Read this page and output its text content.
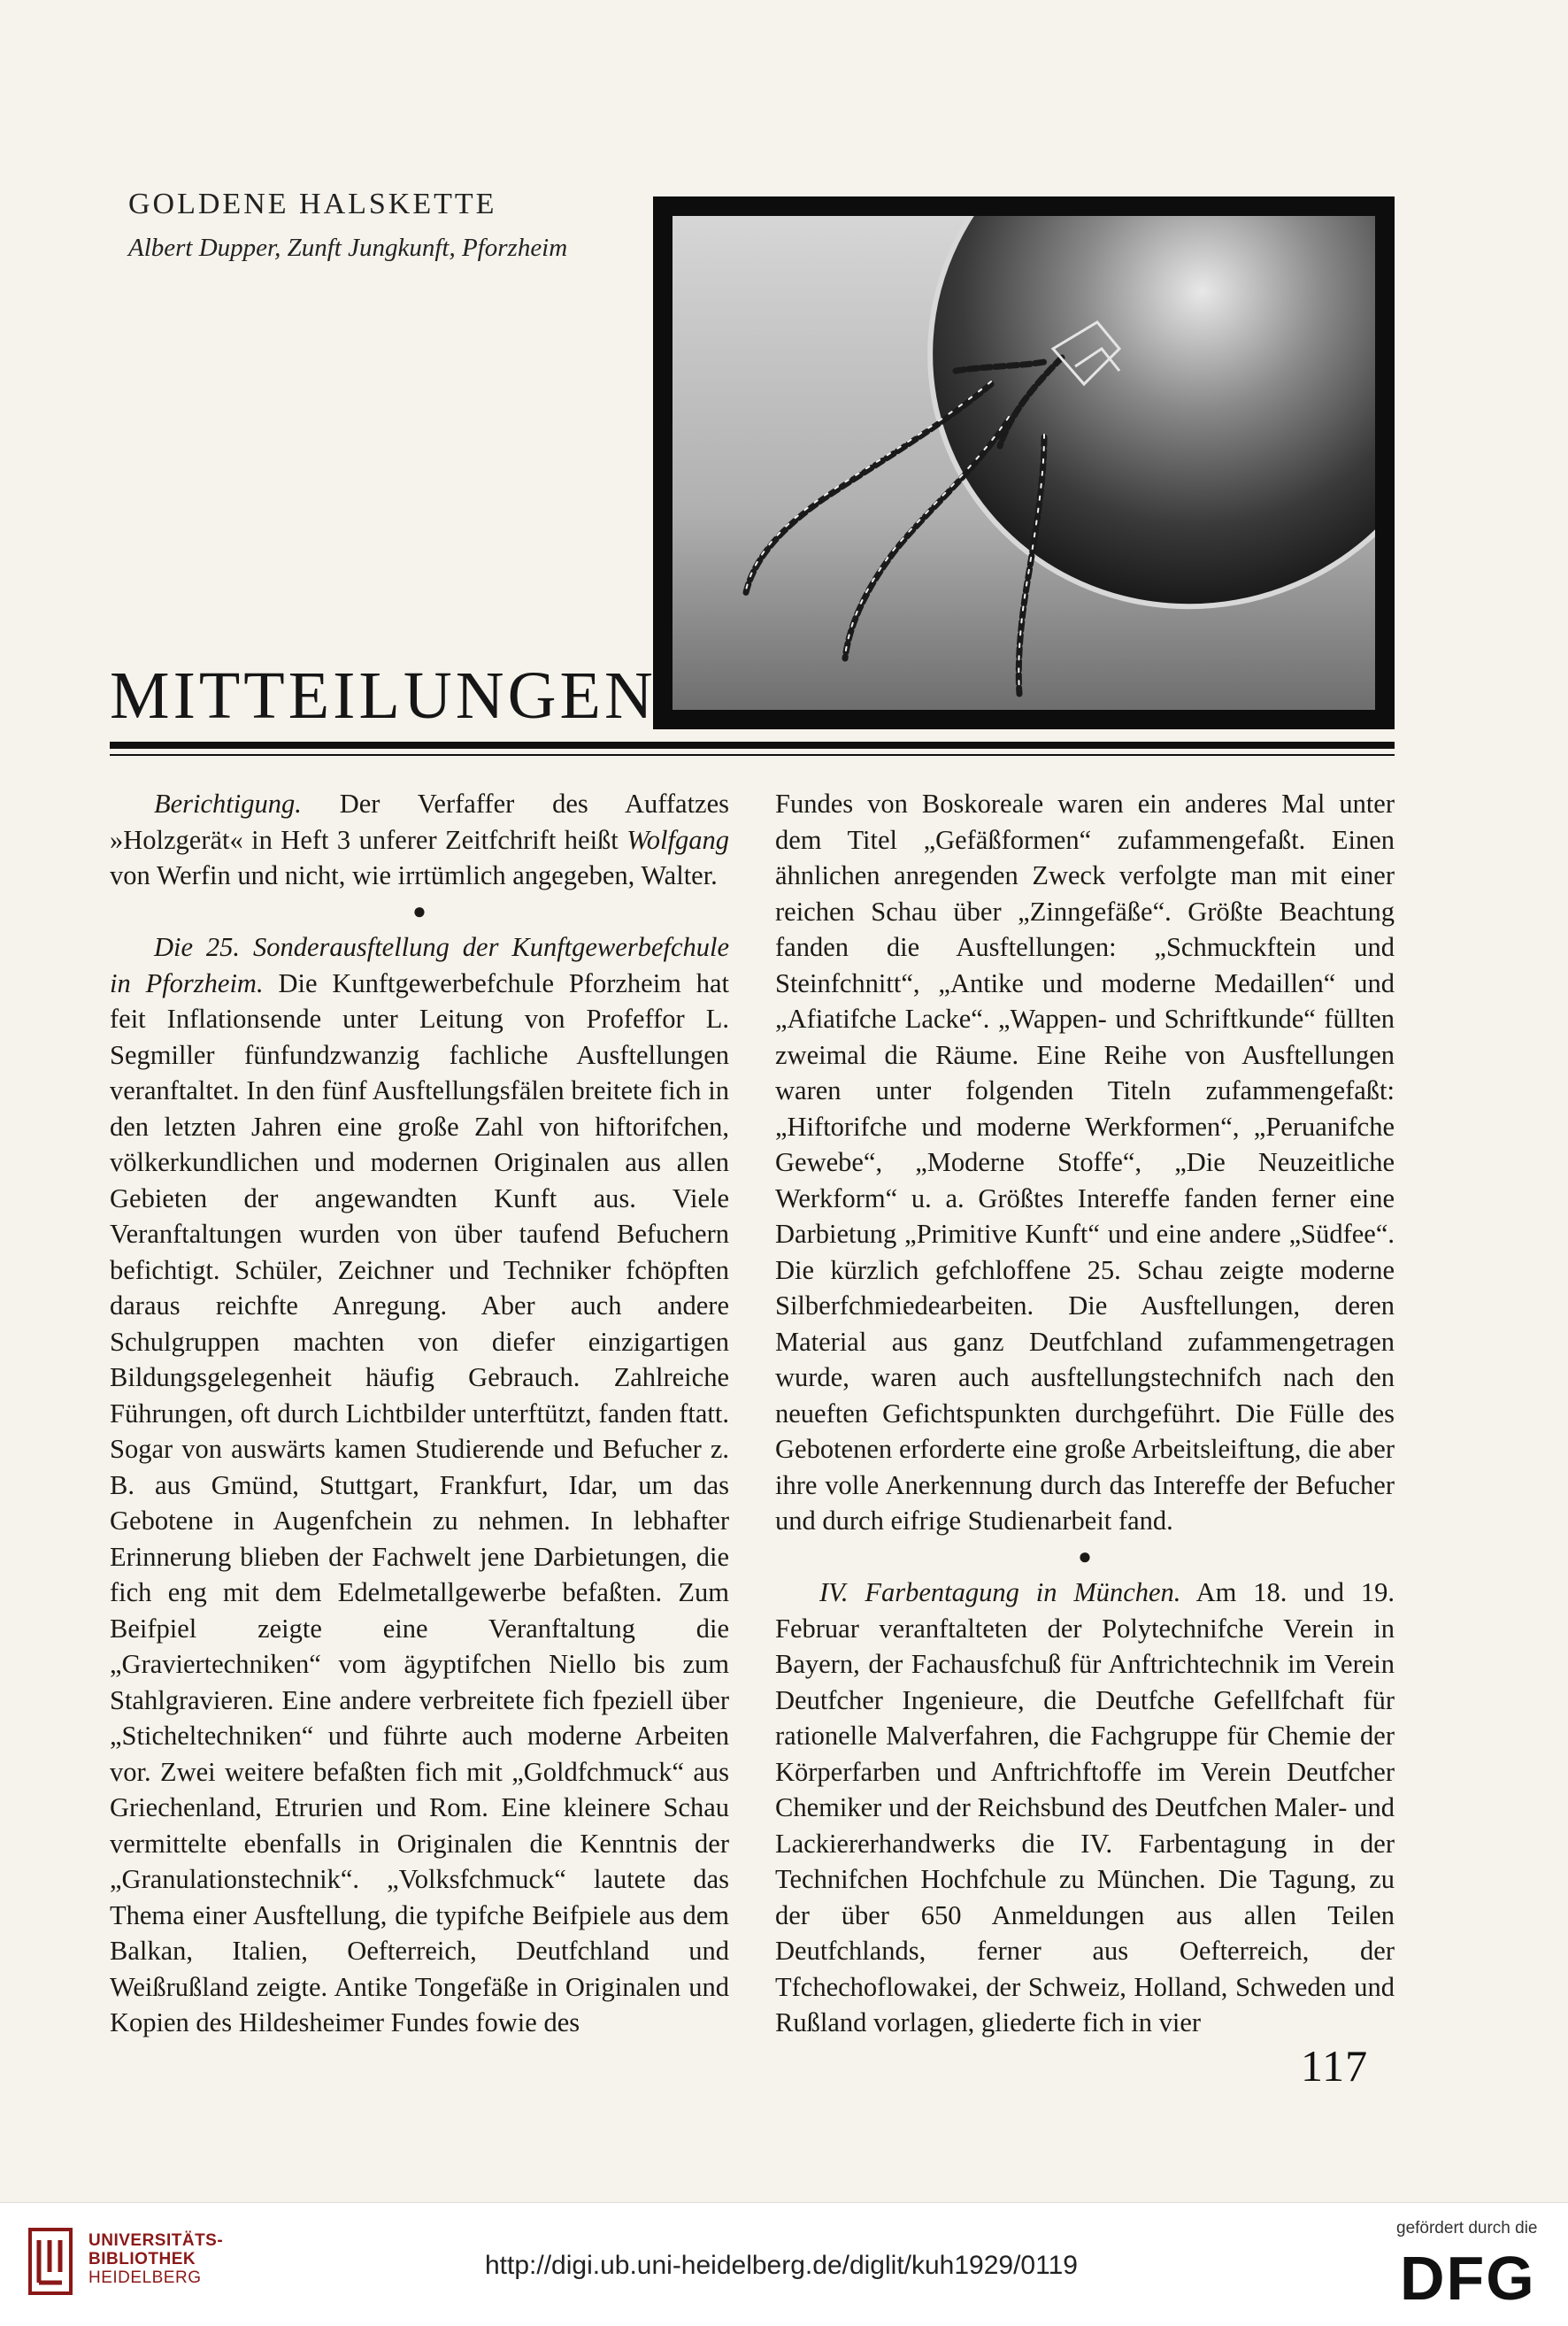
GOLDENE HALSKETTE
Albert Dupper, Zunft Jungkunft, Pforzheim
MITTEILUNGEN

Berichtigung. Der Verfaffer des Auffatzes »Holzgerät« in Heft 3 unferer Zeitfchrift heißt Wolfgang von Werfin und nicht, wie irrtümlich angegeben, Walter.

●

Die 25. Sonderausftellung der Kunftgewerbefchule in Pforzheim. Die Kunftgewerbefchule Pforzheim hat feit Inflationsende unter Leitung von Profeffor L. Segmiller fünfundzwanzig fachliche Ausftellungen veranftaltet. In den fünf Ausftellungsfälen breitete fich in den letzten Jahren eine große Zahl von hiftorifchen, völkerkundlichen und modernen Originalen aus allen Gebieten der angewandten Kunft aus. Viele Veranftaltungen wurden von über taufend Befuchern befichtigt. Schüler, Zeichner und Techniker fchöpften daraus reichfte Anregung. Aber auch andere Schulgruppen machten von diefer einzigartigen Bildungsgelegenheit häufig Gebrauch. Zahlreiche Führungen, oft durch Lichtbilder unterftützt, fanden ftatt. Sogar von auswärts kamen Studierende und Befucher z. B. aus Gmünd, Stuttgart, Frankfurt, Idar, um das Gebotene in Augenfchein zu nehmen. In lebhafter Erinnerung blieben der Fachwelt jene Darbietungen, die fich eng mit dem Edelmetallgewerbe befaßten. Zum Beifpiel zeigte eine Veranftaltung die „Graviertechniken“ vom ägyptifchen Niello bis zum Stahlgravieren. Eine andere verbreitete fich fpeziell über „Sticheltechniken“ und führte auch moderne Arbeiten vor. Zwei weitere befaßten fich mit „Goldfchmuck“ aus Griechenland, Etrurien und Rom. Eine kleinere Schau vermittelte ebenfalls in Originalen die Kenntnis der „Granulationstechnik“. „Volksfchmuck“ lautete das Thema einer Ausftellung, die typifche Beifpiele aus dem Balkan, Italien, Oefterreich, Deutfchland und Weißrußland zeigte. Antike Tongefäße in Originalen und Kopien des Hildesheimer Fundes fowie des

Fundes von Boskoreale waren ein anderes Mal unter dem Titel „Gefäßformen“ zufammengefaßt. Einen ähnlichen anregenden Zweck verfolgte man mit einer reichen Schau über „Zinngefäße“. Größte Beachtung fanden die Ausftellungen: „Schmuckftein und Steinfchnitt“, „Antike und moderne Medaillen“ und „Afiatifche Lacke“. „Wappen- und Schriftkunde“ füllten zweimal die Räume. Eine Reihe von Ausftellungen waren unter folgenden Titeln zufammengefaßt: „Hiftorifche und moderne Werkformen“, „Peruanifche Gewebe“, „Moderne Stoffe“, „Die Neuzeitliche Werkform“ u. a. Größtes Intereffe fanden ferner eine Darbietung „Primitive Kunft“ und eine andere „Südfee“. Die kürzlich gefchloffene 25. Schau zeigte moderne Silberfchmiedearbeiten. Die Ausftellungen, deren Material aus ganz Deutfchland zufammengetragen wurde, waren auch ausftellungstechnifch nach den neueften Gefichtspunkten durchgeführt. Die Fülle des Gebotenen erforderte eine große Arbeitsleiftung, die aber ihre volle Anerkennung durch das Intereffe der Befucher und durch eifrige Studienarbeit fand.

●

IV. Farbentagung in München. Am 18. und 19. Februar veranftalteten der Polytechnifche Verein in Bayern, der Fachausfchuß für Anftrichtechnik im Verein Deutfcher Ingenieure, die Deutfche Gefellfchaft für rationelle Malverfahren, die Fachgruppe für Chemie der Körperfarben und Anftrichftoffe im Verein Deutfcher Chemiker und der Reichsbund des Deutfchen Maler- und Lackiererhandwerks die IV. Farbentagung in der Technifchen Hochfchule zu München. Die Tagung, zu der über 650 Anmeldungen aus allen Teilen Deutfchlands, ferner aus Oefterreich, der Tfchechoflowakei, der Schweiz, Holland, Schweden und Rußland vorlagen, gliederte fich in vier

117
UNIVERSITÄTS-
BIBLIOTHEK
HEIDELBERG	http://digi.ub.uni-heidelberg.de/diglit/kuh1929/0119
gefördert durch die
DFG
